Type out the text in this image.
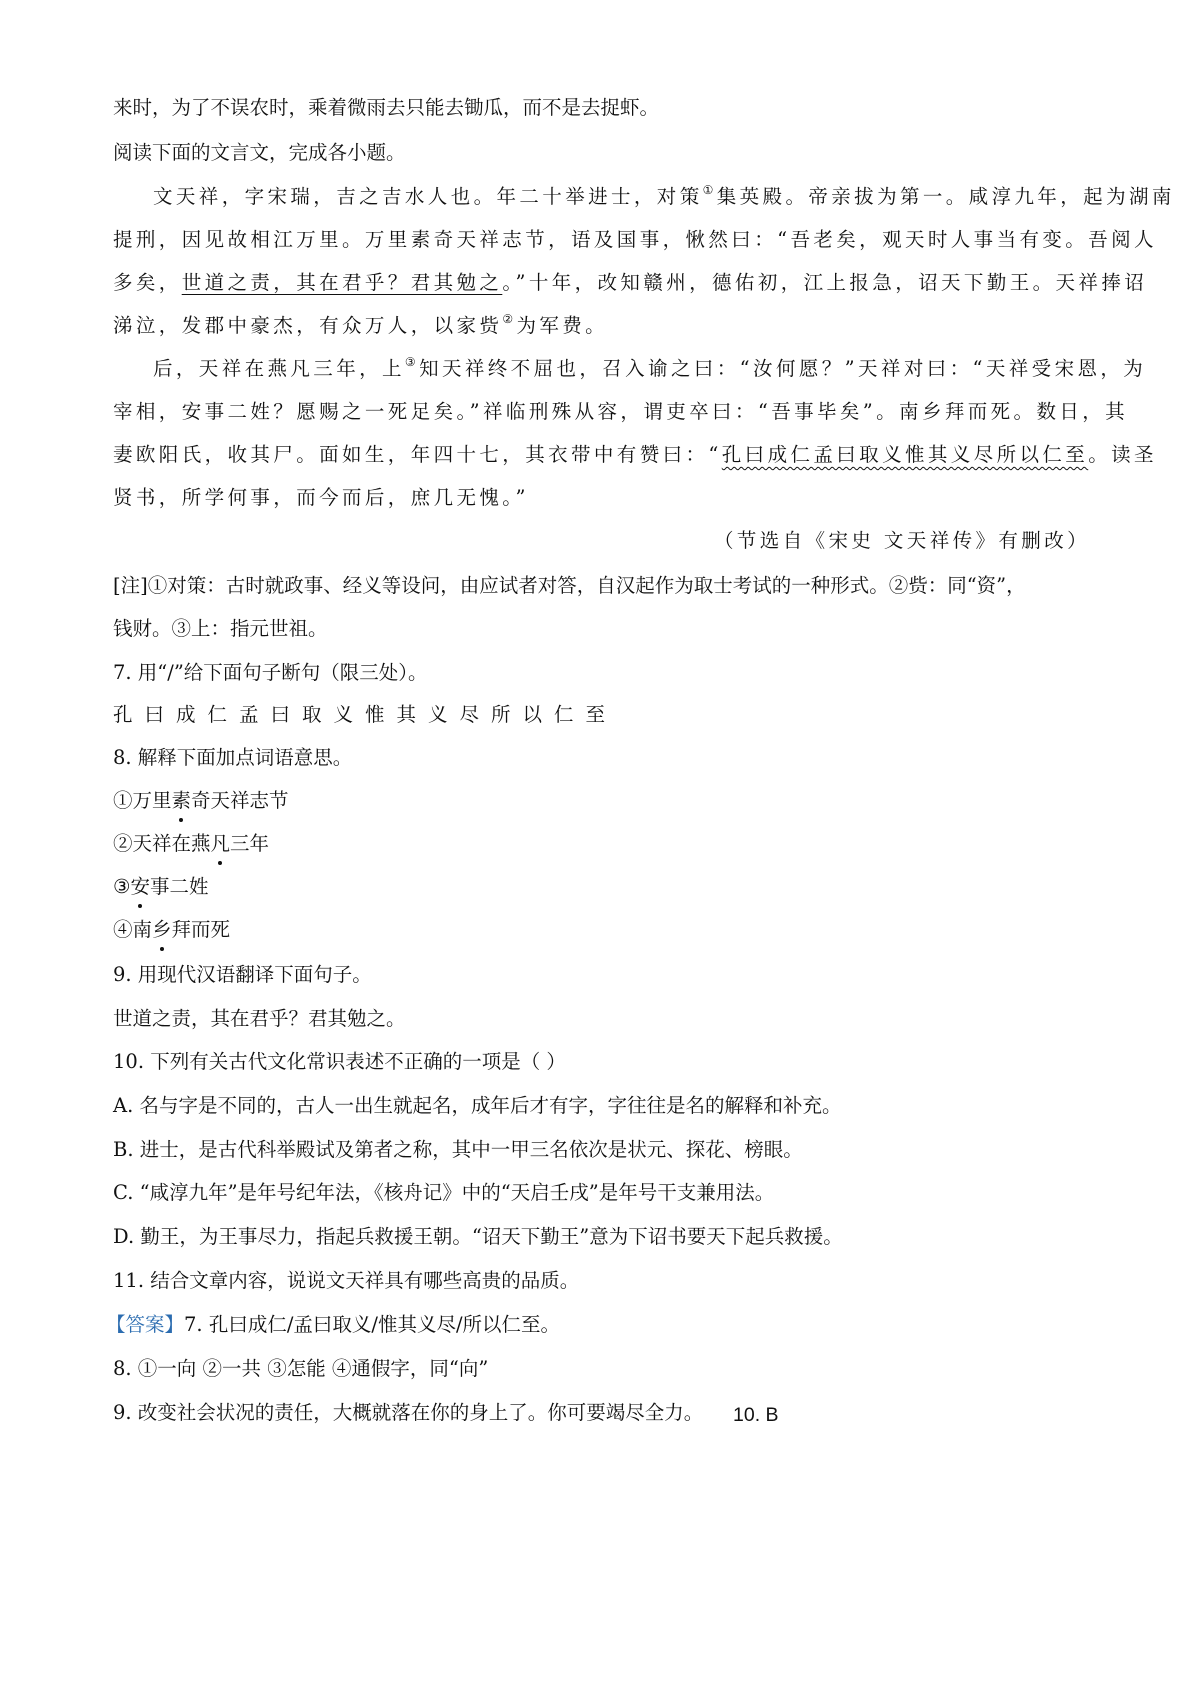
来时，为了不误农时，乘着微雨去只能去锄瓜，而不是去捉虾。
阅读下面的文言文，完成各小题。
文天祥，字宋瑞，吉之吉水人也。年二十举进士，对策①集英殿。帝亲拔为第一。咸淳九年，起为湖南
提刑，因见故相江万里。万里素奇天祥志节，语及国事，愀然曰：“吾老矣，观天时人事当有变。吾阅人
多矣，世道之责，其在君乎？君其勉之。”十年，改知赣州，德佑初，江上报急，诏天下勤王。天祥捧诏
涕泣，发郡中豪杰，有众万人，以家赀②为军费。
后，天祥在燕凡三年，上③知天祥终不屈也，召入谕之曰：“汝何愿？”天祥对曰：“天祥受宋恩，为
宰相，安事二姓？愿赐之一死足矣。”祥临刑殊从容，谓吏卒曰：“吾事毕矣”。南乡拜而死。数日，其
妻欧阳氏，收其尸。面如生，年四十七，其衣带中有赞曰：“孔曰成仁孟曰取义惟其义尽所以仁至。读圣
贤书，所学何事，而今而后，庶几无愧。”
（节选自《宋史 文天祥传》有删改）
[注]①对策：古时就政事、经义等设问，由应试者对答，自汉起作为取士考试的一种形式。②赀：同“资”，
钱财。③上：指元世祖。
7. 用“/”给下面句子断句（限三处）。
孔曰成仁孟曰取义惟其义尽所以仁至
8. 解释下面加点词语意思。
①万里素奇天祥志节
②天祥在燕凡三年
③安事二姓
④南乡拜而死
9. 用现代汉语翻译下面句子。
世道之责，其在君乎？君其勉之。
10. 下列有关古代文化常识表述不正确的一项是（ ）
A. 名与字是不同的，古人一出生就起名，成年后才有字，字往往是名的解释和补充。
B. 进士，是古代科举殿试及第者之称，其中一甲三名依次是状元、探花、榜眼。
C. “咸淳九年”是年号纪年法，《核舟记》中的“天启壬戌”是年号干支兼用法。
D. 勤王，为王事尽力，指起兵救援王朝。“诏天下勤王”意为下诏书要天下起兵救援。
11. 结合文章内容，说说文天祥具有哪些高贵的品质。
【答案】7. 孔曰成仁/孟曰取义/惟其义尽/所以仁至。
8. ①一向 ②一共 ③怎能 ④通假字，同“向”
9. 改变社会状况的责任，大概就落在你的身上了。你可要竭尽全力。 10. B
